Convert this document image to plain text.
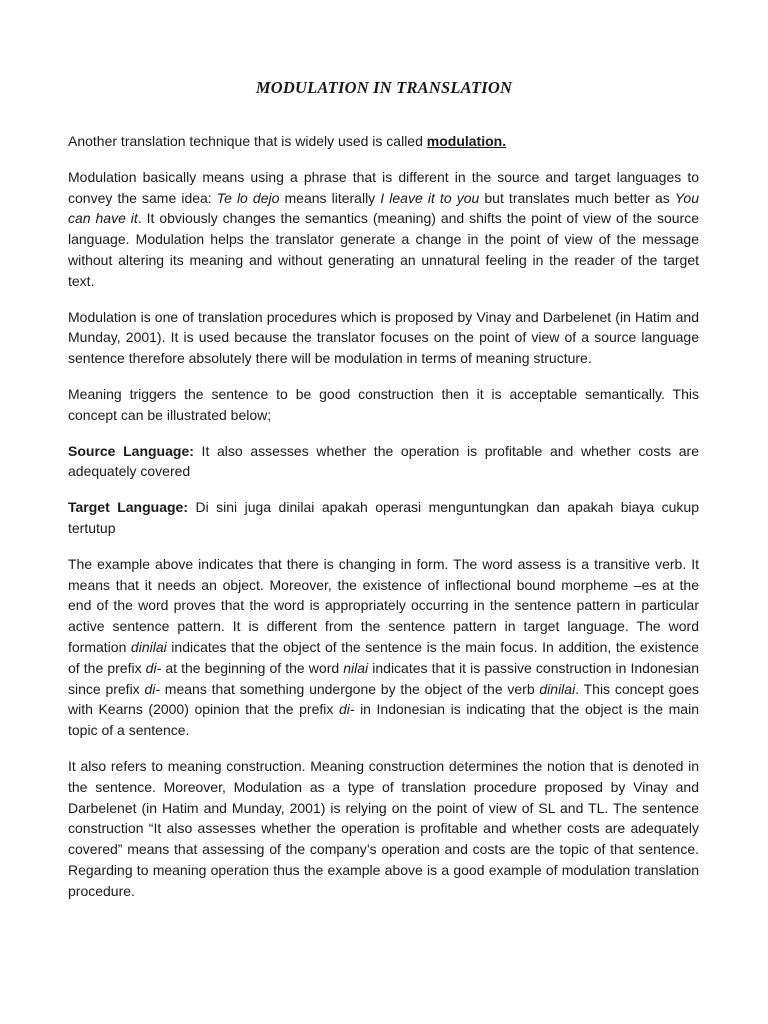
MODULATION IN TRANSLATION

Another translation technique that is widely used is called modulation.

Modulation basically means using a phrase that is different in the source and target languages to convey the same idea: Te lo dejo means literally I leave it to you but translates much better as You can have it. It obviously changes the semantics (meaning) and shifts the point of view of the source language. Modulation helps the translator generate a change in the point of view of the message without altering its meaning and without generating an unnatural feeling in the reader of the target text.

Modulation is one of translation procedures which is proposed by Vinay and Darbelenet (in Hatim and Munday, 2001). It is used because the translator focuses on the point of view of a source language sentence therefore absolutely there will be modulation in terms of meaning structure.

Meaning triggers the sentence to be good construction then it is acceptable semantically. This concept can be illustrated below;

Source Language: It also assesses whether the operation is profitable and whether costs are adequately covered

Target Language: Di sini juga dinilai apakah operasi menguntungkan dan apakah biaya cukup tertutup

The example above indicates that there is changing in form. The word assess is a transitive verb. It means that it needs an object. Moreover, the existence of inflectional bound morpheme –es at the end of the word proves that the word is appropriately occurring in the sentence pattern in particular active sentence pattern. It is different from the sentence pattern in target language. The word formation dinilai indicates that the object of the sentence is the main focus. In addition, the existence of the prefix di- at the beginning of the word nilai indicates that it is passive construction in Indonesian since prefix di- means that something undergone by the object of the verb dinilai. This concept goes with Kearns (2000) opinion that the prefix di- in Indonesian is indicating that the object is the main topic of a sentence.

It also refers to meaning construction. Meaning construction determines the notion that is denoted in the sentence. Moreover, Modulation as a type of translation procedure proposed by Vinay and Darbelenet (in Hatim and Munday, 2001) is relying on the point of view of SL and TL. The sentence construction “It also assesses whether the operation is profitable and whether costs are adequately covered” means that assessing of the company’s operation and costs are the topic of that sentence. Regarding to meaning operation thus the example above is a good example of modulation translation procedure.
